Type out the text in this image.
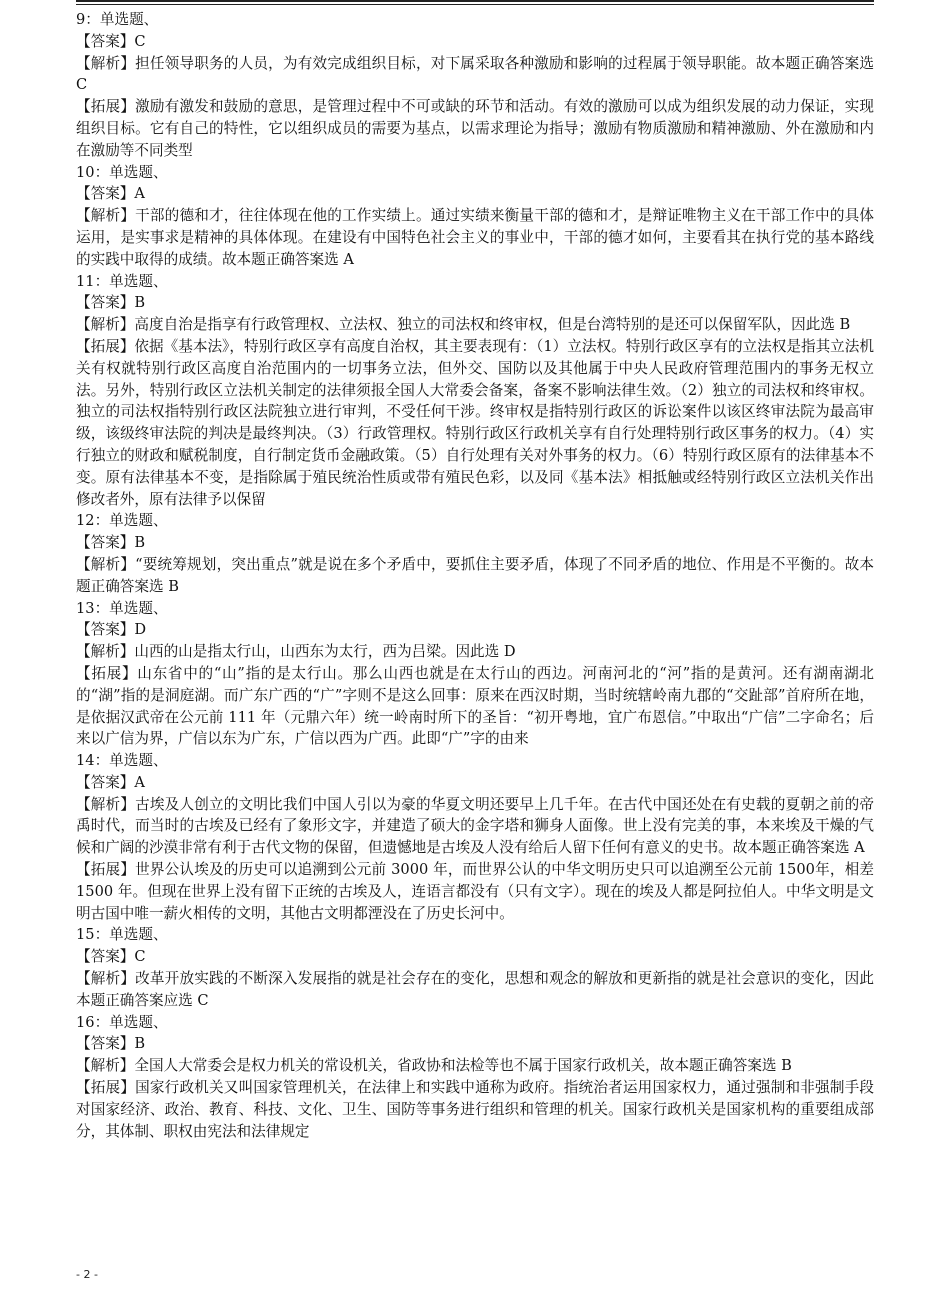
9：单选题、

【答案】C

【解析】担任领导职务的人员，为有效完成组织目标，对下属采取各种激励和影响的过程属于领导职能。故本题正确答案选 C

【拓展】激励有激发和鼓励的意思，是管理过程中不可或缺的环节和活动。有效的激励可以成为组织发展的动力保证，实现组织目标。它有自己的特性，它以组织成员的需要为基点，以需求理论为指导；激励有物质激励和精神激励、外在激励和内在激励等不同类型

10：单选题、

【答案】A

【解析】干部的德和才，往往体现在他的工作实绩上。通过实绩来衡量干部的德和才，是辩证唯物主义在干部工作中的具体运用，是实事求是精神的具体体现。在建设有中国特色社会主义的事业中，干部的德才如何，主要看其在执行党的基本路线的实践中取得的成绩。故本题正确答案选 A

11：单选题、

【答案】B

【解析】高度自治是指享有行政管理权、立法权、独立的司法权和终审权，但是台湾特别的是还可以保留军队，因此选 B

【拓展】依据《基本法》，特别行政区享有高度自治权，其主要表现有：（1）立法权。特别行政区享有的立法权是指其立法机关有权就特别行政区高度自治范围内的一切事务立法，但外交、国防以及其他属于中央人民政府管理范围内的事务无权立法。另外，特别行政区立法机关制定的法律须报全国人大常委会备案，备案不影响法律生效。（2）独立的司法权和终审权。独立的司法权指特别行政区法院独立进行审判，不受任何干涉。终审权是指特别行政区的诉讼案件以该区终审法院为最高审级，该级终审法院的判决是最终判决。（3）行政管理权。特别行政区行政机关享有自行处理特别行政区事务的权力。（4）实行独立的财政和赋税制度，自行制定货币金融政策。（5）自行处理有关对外事务的权力。（6）特别行政区原有的法律基本不变。原有法律基本不变，是指除属于殖民统治性质或带有殖民色彩，以及同《基本法》相抵触或经特别行政区立法机关作出修改者外，原有法律予以保留

12：单选题、

【答案】B

【解析】“要统筹规划，突出重点”就是说在多个矛盾中，要抓住主要矛盾，体现了不同矛盾的地位、作用是不平衡的。故本题正确答案选 B

13：单选题、

【答案】D

【解析】山西的山是指太行山，山西东为太行，西为吕梁。因此选 D

【拓展】山东省中的“山”指的是太行山。那么山西也就是在太行山的西边。河南河北的“河”指的是黄河。还有湖南湖北的“湖”指的是洞庭湖。而广东广西的“广”字则不是这么回事：原来在西汉时期，当时统辖岭南九郡的“交趾部”首府所在地，是依据汉武帝在公元前 111 年（元鼎六年）统一岭南时所下的圣旨：“初开粤地，宜广布恩信。”中取出“广信”二字命名；后来以广信为界，广信以东为广东，广信以西为广西。此即“广”字的由来

14：单选题、

【答案】A

【解析】古埃及人创立的文明比我们中国人引以为豪的华夏文明还要早上几千年。在古代中国还处在有史载的夏朝之前的帝禹时代，而当时的古埃及已经有了象形文字，并建造了硕大的金字塔和狮身人面像。世上没有完美的事，本来埃及干燥的气候和广阔的沙漠非常有利于古代文物的保留，但遗憾地是古埃及人没有给后人留下任何有意义的史书。故本题正确答案选 A

【拓展】世界公认埃及的历史可以追溯到公元前 3000 年，而世界公认的中华文明历史只可以追溯至公元前 1500年，相差 1500 年。但现在世界上没有留下正统的古埃及人，连语言都没有（只有文字）。现在的埃及人都是阿拉伯人。中华文明是文明古国中唯一薪火相传的文明，其他古文明都湮没在了历史长河中。

15：单选题、

【答案】C

【解析】改革开放实践的不断深入发展指的就是社会存在的变化，思想和观念的解放和更新指的就是社会意识的变化，因此本题正确答案应选 C

16：单选题、

【答案】B

【解析】全国人大常委会是权力机关的常设机关，省政协和法检等也不属于国家行政机关，故本题正确答案选 B

【拓展】国家行政机关又叫国家管理机关，在法律上和实践中通称为政府。指统治者运用国家权力，通过强制和非强制手段对国家经济、政治、教育、科技、文化、卫生、国防等事务进行组织和管理的机关。国家行政机关是国家机构的重要组成部分，其体制、职权由宪法和法律规定

- 2 -
